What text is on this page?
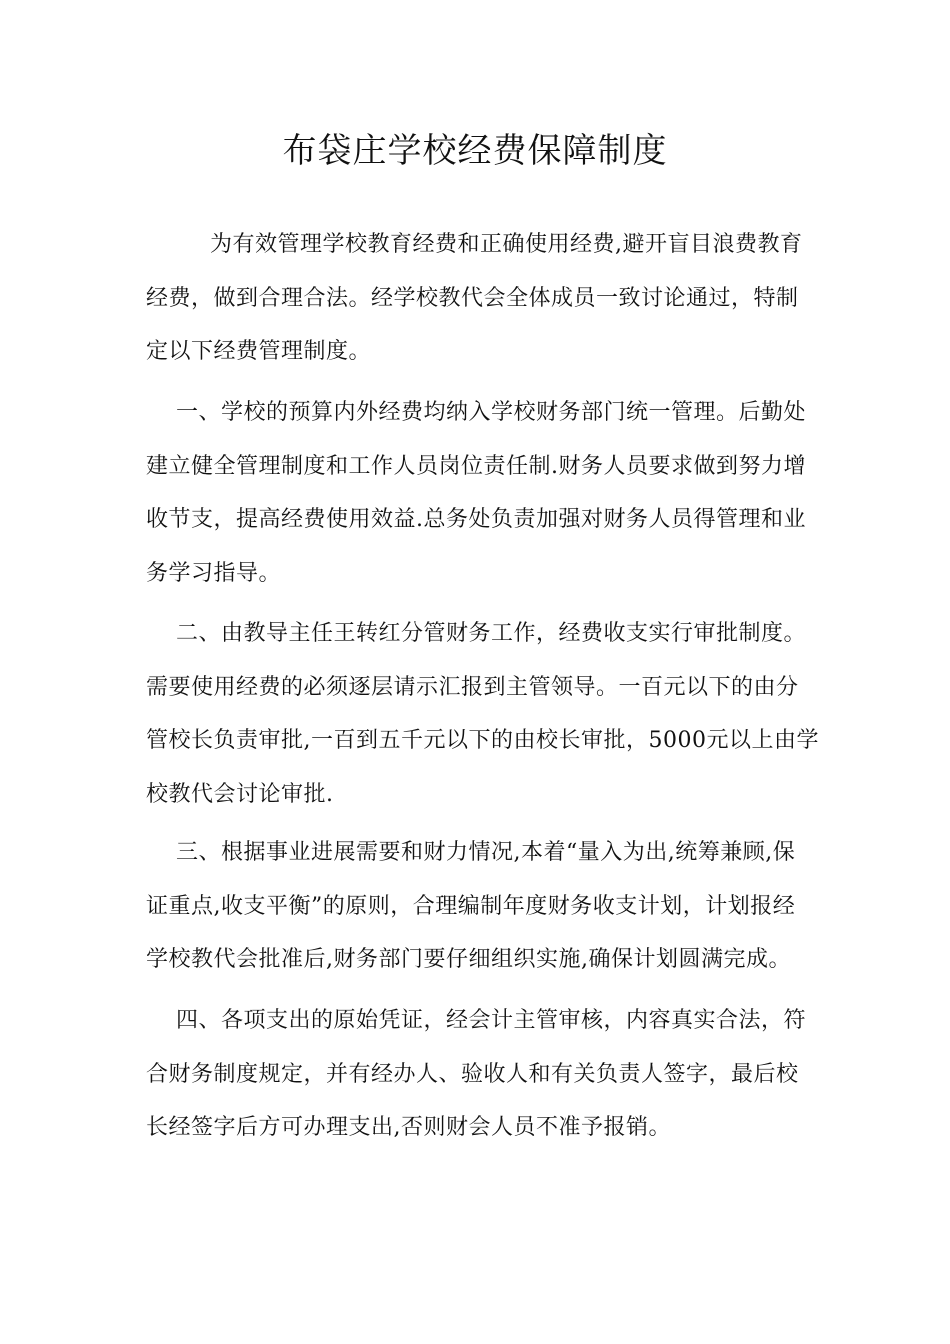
布袋庄学校经费保障制度

为有效管理学校教育经费和正确使用经费,避开盲目浪费教育
经费，做到合理合法。经学校教代会全体成员一致讨论通过，特制
定以下经费管理制度。

一、学校的预算内外经费均纳入学校财务部门统一管理。后勤处
建立健全管理制度和工作人员岗位责任制.财务人员要求做到努力增
收节支，提高经费使用效益.总务处负责加强对财务人员得管理和业
务学习指导。

二、由教导主任王转红分管财务工作，经费收支实行审批制度。
需要使用经费的必须逐层请示汇报到主管领导。一百元以下的由分
管校长负责审批,一百到五千元以下的由校长审批，5000元以上由学
校教代会讨论审批.

三、根据事业进展需要和财力情况,本着“量入为出,统筹兼顾,保
证重点,收支平衡”的原则，合理编制年度财务收支计划，计划报经
学校教代会批准后,财务部门要仔细组织实施,确保计划圆满完成。

四、各项支出的原始凭证，经会计主管审核，内容真实合法，符
合财务制度规定，并有经办人、验收人和有关负责人签字，最后校
长经签字后方可办理支出,否则财会人员不准予报销。
